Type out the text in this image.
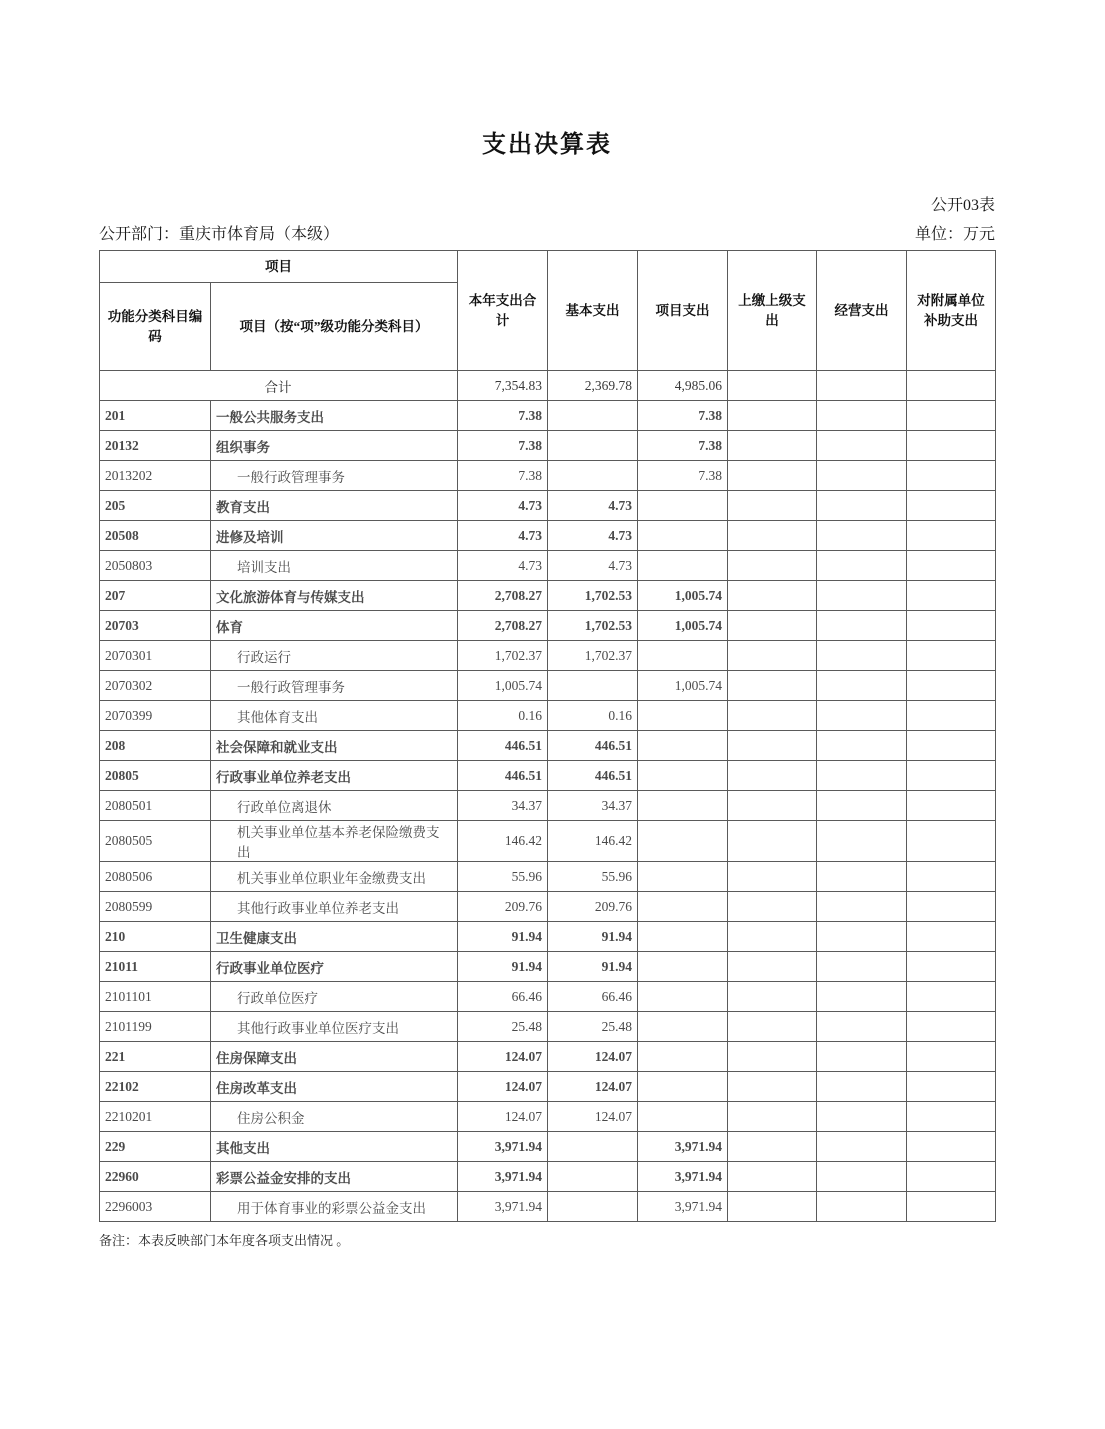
支出决算表
公开03表
公开部门：重庆市体育局（本级）	单位：万元
项目		本年支出合计	基本支出	项目支出	上缴上级支出	经营支出	对附属单位补助支出
功能分类科目编码	项目（按“项”级功能分类科目）						
合计		7,354.83	2,369.78	4,985.06			
201	一般公共服务支出	7.38		7.38			
20132	组织事务	7.38		7.38			
2013202	一般行政管理事务	7.38		7.38			
205	教育支出	4.73	4.73				
20508	进修及培训	4.73	4.73				
2050803	培训支出	4.73	4.73				
207	文化旅游体育与传媒支出	2,708.27	1,702.53	1,005.74			
20703	体育	2,708.27	1,702.53	1,005.74			
2070301	行政运行	1,702.37	1,702.37				
2070302	一般行政管理事务	1,005.74		1,005.74			
2070399	其他体育支出	0.16	0.16				
208	社会保障和就业支出	446.51	446.51				
20805	行政事业单位养老支出	446.51	446.51				
2080501	行政单位离退休	34.37	34.37				
2080505	机关事业单位基本养老保险缴费支出	146.42	146.42				
2080506	机关事业单位职业年金缴费支出	55.96	55.96				
2080599	其他行政事业单位养老支出	209.76	209.76				
210	卫生健康支出	91.94	91.94				
21011	行政事业单位医疗	91.94	91.94				
2101101	行政单位医疗	66.46	66.46				
2101199	其他行政事业单位医疗支出	25.48	25.48				
221	住房保障支出	124.07	124.07				
22102	住房改革支出	124.07	124.07				
2210201	住房公积金	124.07	124.07				
229	其他支出	3,971.94		3,971.94			
22960	彩票公益金安排的支出	3,971.94		3,971.94			
2296003	用于体育事业的彩票公益金支出	3,971.94		3,971.94			
备注：本表反映部门本年度各项支出情况 。
